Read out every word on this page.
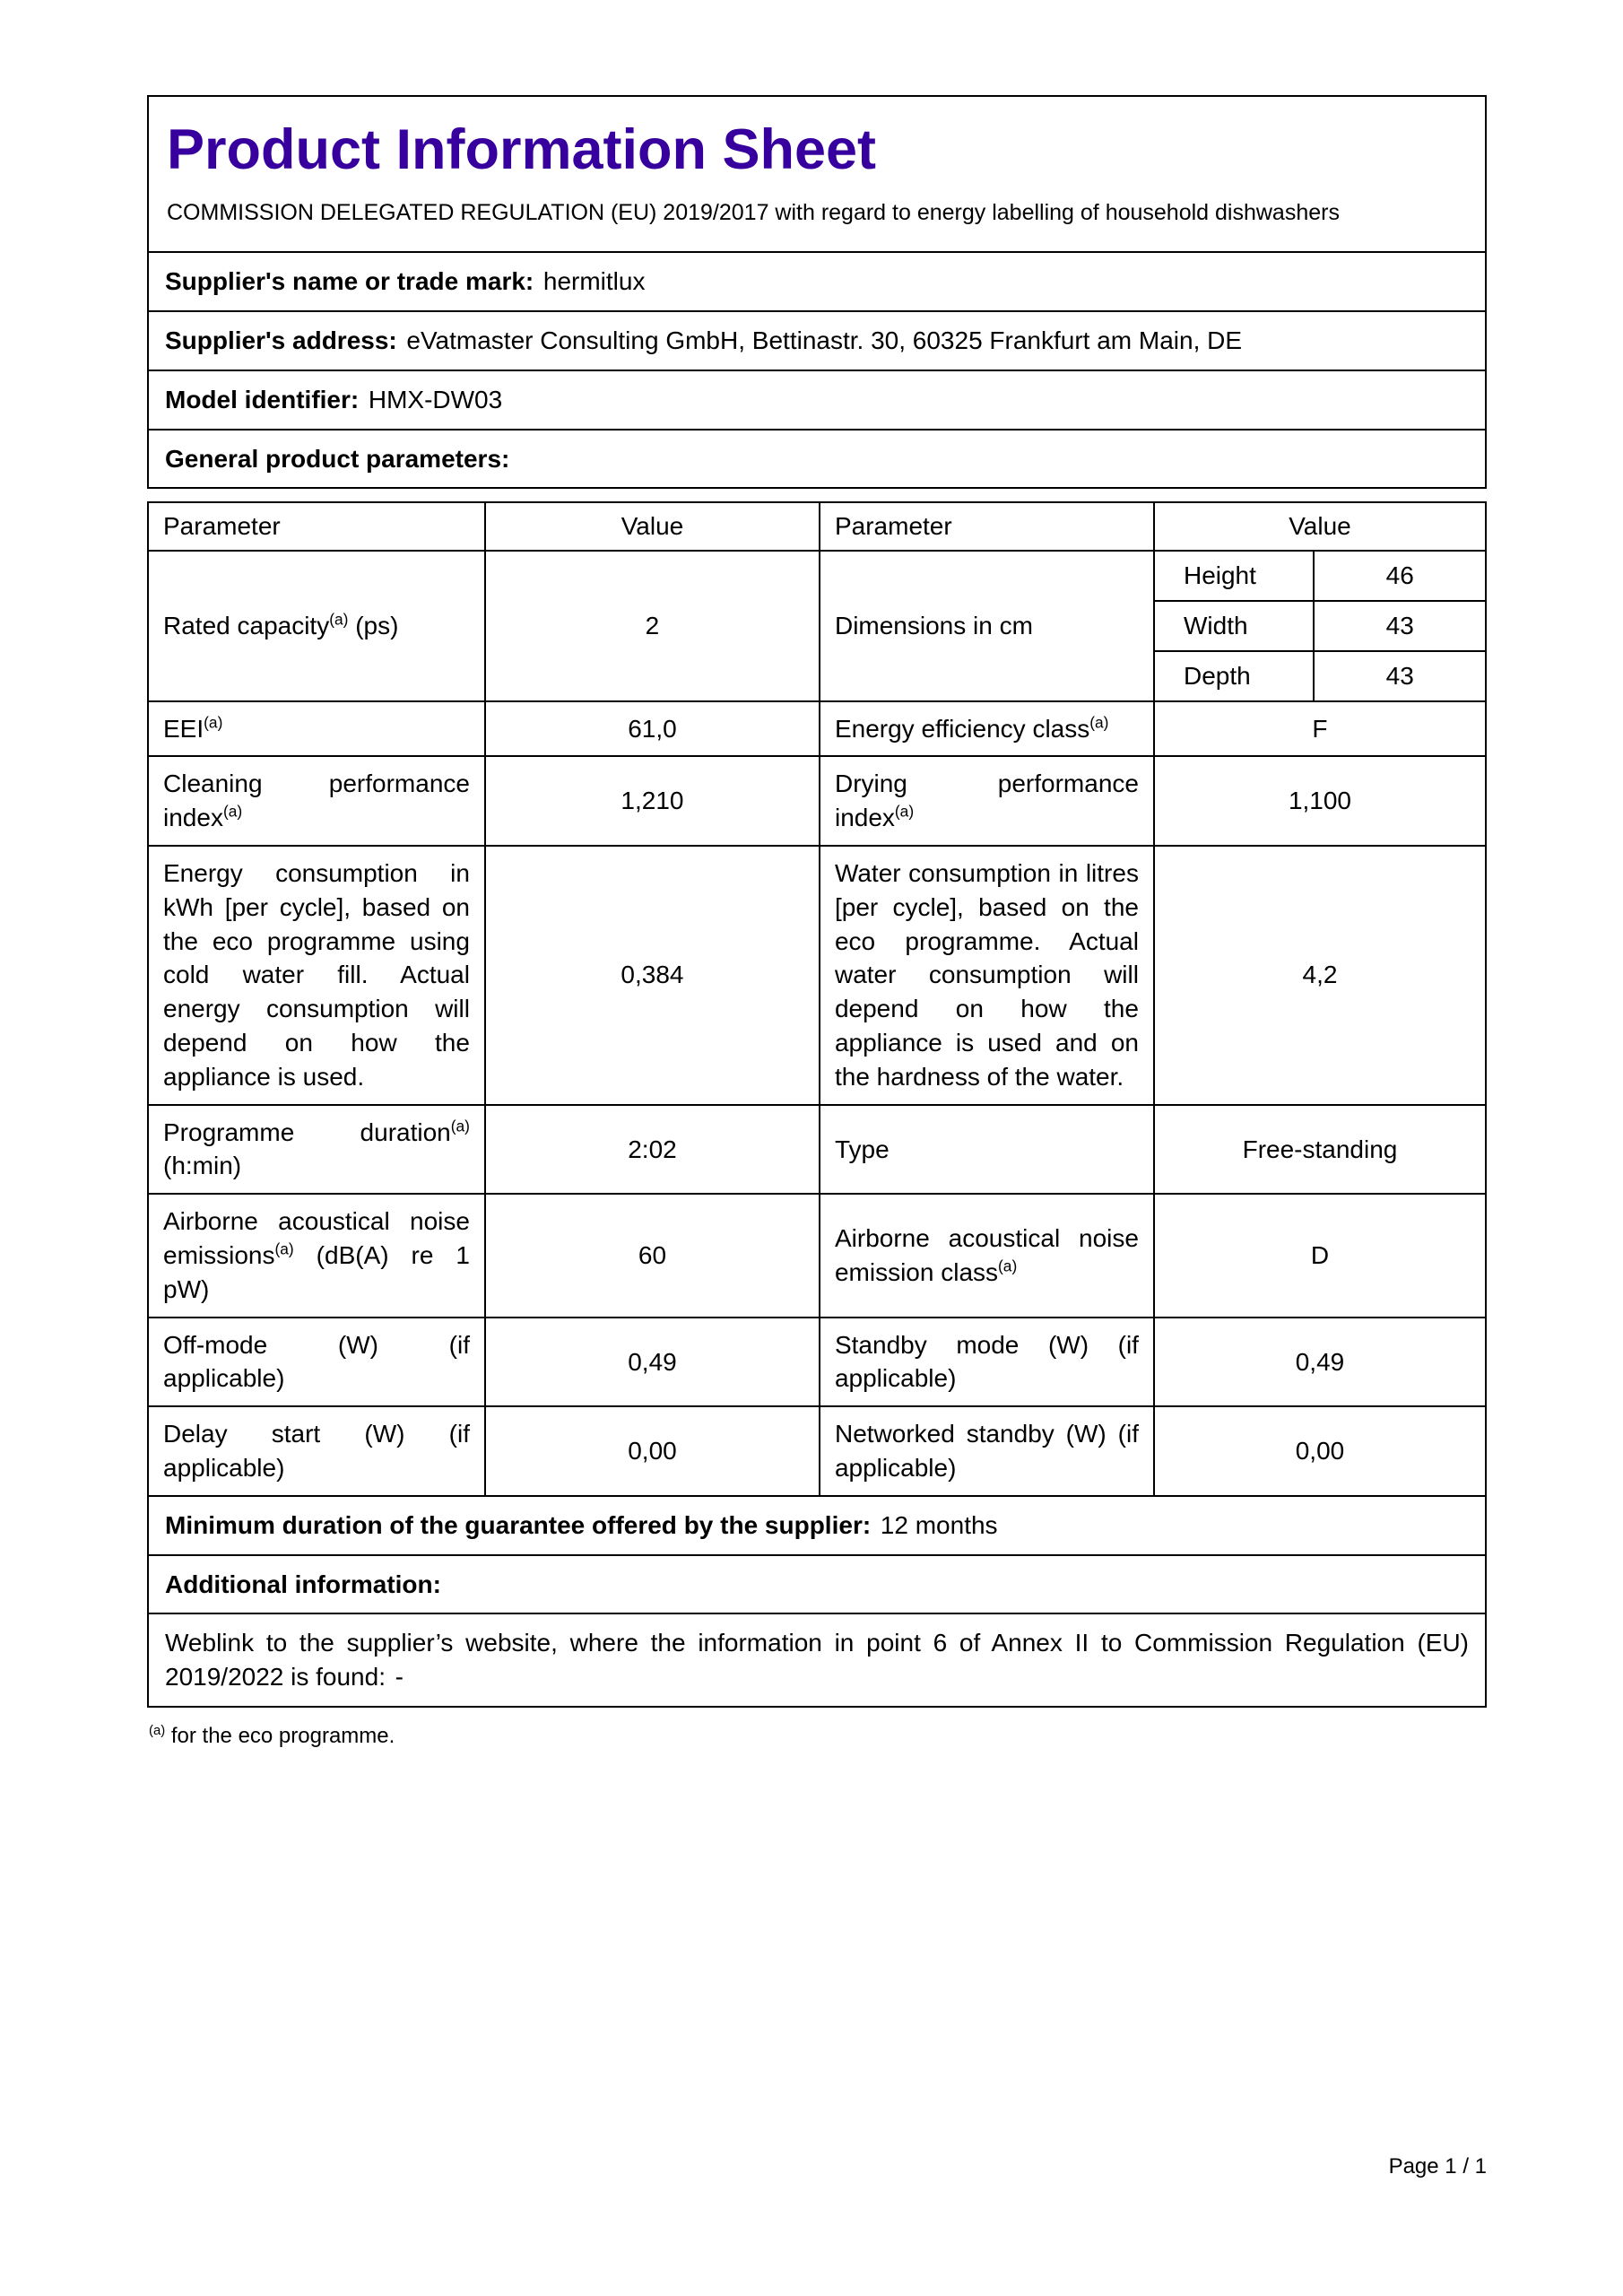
Product Information Sheet
COMMISSION DELEGATED REGULATION (EU) 2019/2017 with regard to energy labelling of household dishwashers

Supplier's name or trade mark: hermitlux
Supplier's address: eVatmaster Consulting GmbH, Bettinastr. 30, 60325 Frankfurt am Main, DE
Model identifier: HMX-DW03
General product parameters:
Parameter	Value	Parameter	Value
Rated capacity$^{(a)}$ (ps)	2	Dimensions in cm	
Height	46
Width	43
Depth	43

EEI$^{(a)}$	61,0	Energy efficiency class$^{(a)}$	F
Cleaning performance index$^{(a)}$	1,210	Drying performance index$^{(a)}$	1,100
Energy consumption in kWh [per cycle], based on the eco programme using cold water fill. Actual energy consumption will depend on how the appliance is used.	0,384	Water consumption in litres [per cycle], based on the eco programme. Actual water consumption will depend on how the appliance is used and on the hardness of the water.	4,2
Programme duration$^{(a)}$ (h:min)	2:02	Type	Free-standing
Airborne acoustical noise emissions$^{(a)}$ (dB(A) re 1 pW)	60	Airborne acoustical noise emission class$^{(a)}$	D
Off-mode (W) (if applicable)	0,49	Standby mode (W) (if applicable)	0,49
Delay start (W) (if applicable)	0,00	Networked standby (W) (if applicable)	0,00
Minimum duration of the guarantee offered by the supplier: 12 months			
Additional information:			
Weblink to the supplier’s website, where the information in point 6 of Annex II to Commission Regulation (EU) 2019/2022 is found: -			
$^{(a)}$ for the eco programme.
Page 1 / 1
